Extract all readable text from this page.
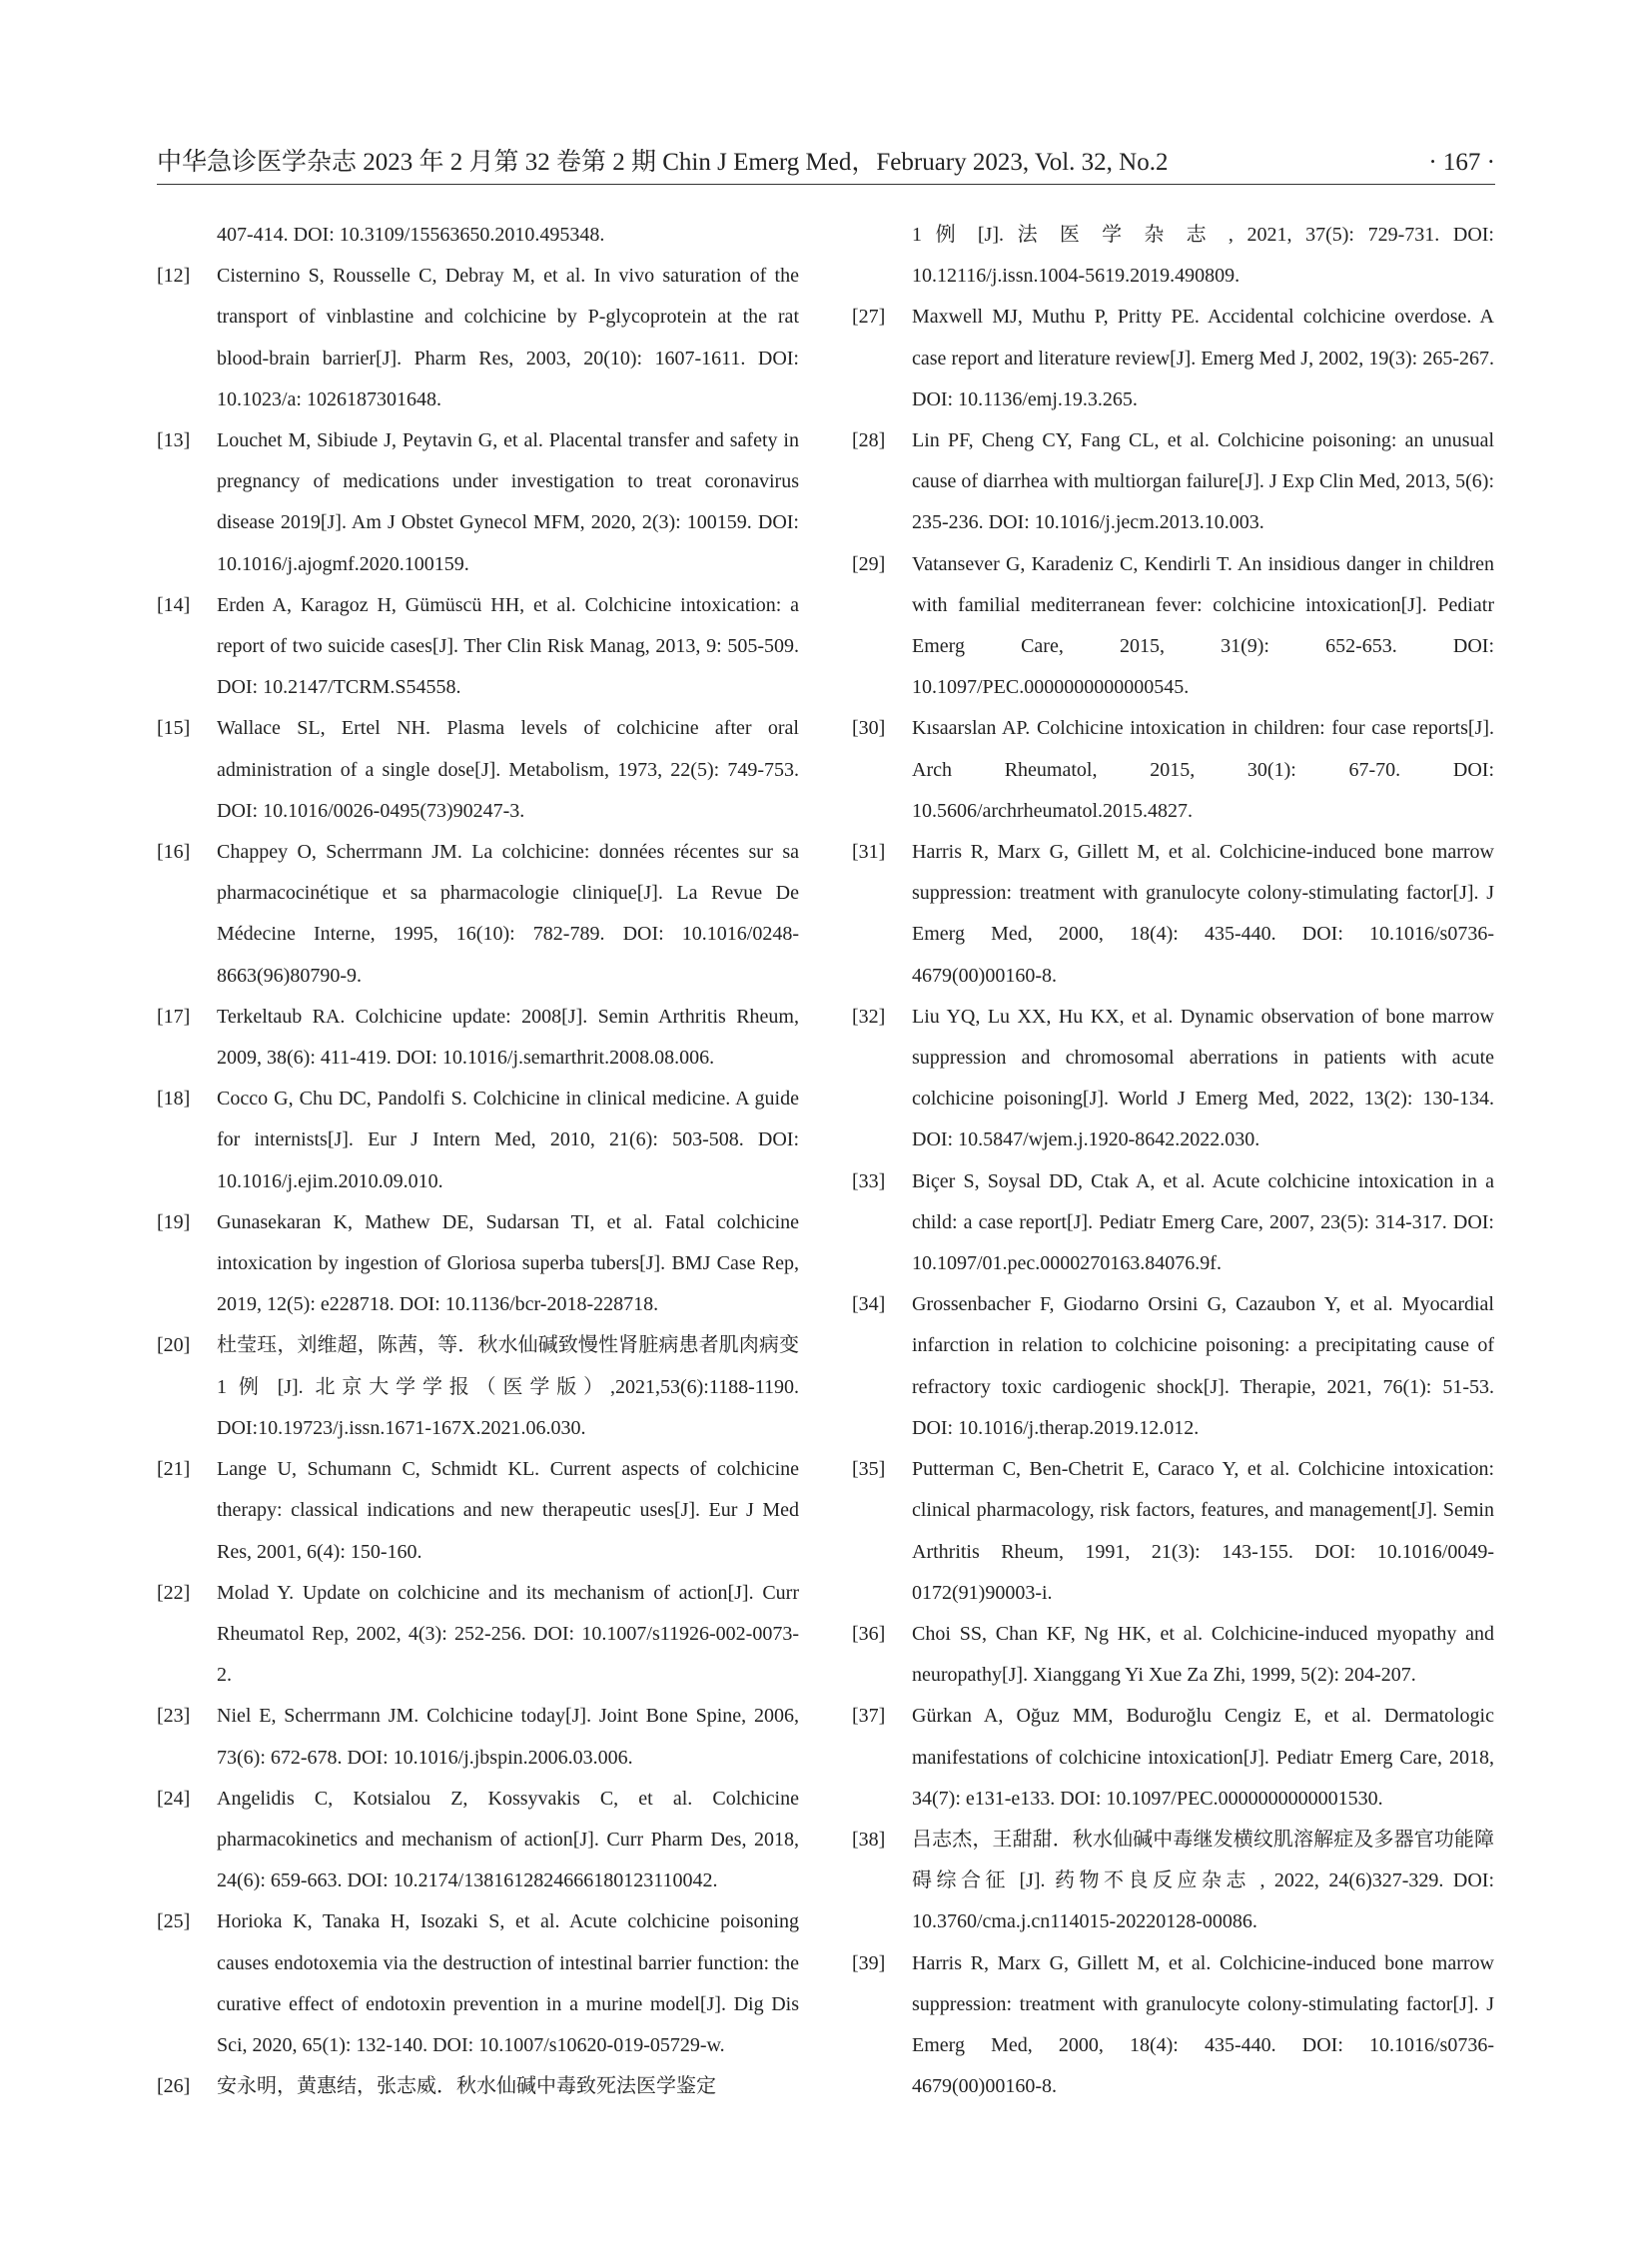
中华急诊医学杂志 2023 年 2 月第 32 卷第 2 期 Chin J Emerg Med，February 2023, Vol. 32, No.2	· 167 ·
407-414. DOI: 10.3109/15563650.2010.495348.
[12]	Cisternino S, Rousselle C, Debray M, et al. In vivo saturation of the transport of vinblastine and colchicine by P-glycoprotein at the rat blood-brain barrier[J]. Pharm Res, 2003, 20(10): 1607-1611. DOI: 10.1023/a: 1026187301648.
[13]	Louchet M, Sibiude J, Peytavin G, et al. Placental transfer and safety in pregnancy of medications under investigation to treat coronavirus disease 2019[J]. Am J Obstet Gynecol MFM, 2020, 2(3): 100159. DOI: 10.1016/j.ajogmf.2020.100159.
[14]	Erden A, Karagoz H, Gümüscü HH, et al. Colchicine intoxication: a report of two suicide cases[J]. Ther Clin Risk Manag, 2013, 9: 505-509. DOI: 10.2147/TCRM.S54558.
[15]	Wallace SL, Ertel NH. Plasma levels of colchicine after oral administration of a single dose[J]. Metabolism, 1973, 22(5): 749-753. DOI: 10.1016/0026-0495(73)90247-3.
[16]	Chappey O, Scherrmann JM. La colchicine: données récentes sur sa pharmacocinétique et sa pharmacologie clinique[J]. La Revue De Médecine Interne, 1995, 16(10): 782-789. DOI: 10.1016/0248-8663(96)80790-9.
[17]	Terkeltaub RA. Colchicine update: 2008[J]. Semin Arthritis Rheum, 2009, 38(6): 411-419. DOI: 10.1016/j.semarthrit.2008.08.006.
[18]	Cocco G, Chu DC, Pandolfi S. Colchicine in clinical medicine. A guide for internists[J]. Eur J Intern Med, 2010, 21(6): 503-508. DOI: 10.1016/j.ejim.2010.09.010.
[19]	Gunasekaran K, Mathew DE, Sudarsan TI, et al. Fatal colchicine intoxication by ingestion of Gloriosa superba tubers[J]. BMJ Case Rep, 2019, 12(5): e228718. DOI: 10.1136/bcr-2018-228718.
[20]	杜莹珏，刘维超，陈茜，等．秋水仙碱致慢性肾脏病患者肌肉病变 1 例 [J]. 北京大学学报（医学版）,2021,53(6):1188-1190. DOI:10.19723/j.issn.1671-167X.2021.06.030.
[21]	Lange U, Schumann C, Schmidt KL. Current aspects of colchicine therapy: classical indications and new therapeutic uses[J]. Eur J Med Res, 2001, 6(4): 150-160.
[22]	Molad Y. Update on colchicine and its mechanism of action[J]. Curr Rheumatol Rep, 2002, 4(3): 252-256. DOI: 10.1007/s11926-002-0073-2.
[23]	Niel E, Scherrmann JM. Colchicine today[J]. Joint Bone Spine, 2006, 73(6): 672-678. DOI: 10.1016/j.jbspin.2006.03.006.
[24]	Angelidis C, Kotsialou Z, Kossyvakis C, et al. Colchicine pharmacokinetics and mechanism of action[J]. Curr Pharm Des, 2018, 24(6): 659-663. DOI: 10.2174/1381612824666180123110042.
[25]	Horioka K, Tanaka H, Isozaki S, et al. Acute colchicine poisoning causes endotoxemia via the destruction of intestinal barrier function: the curative effect of endotoxin prevention in a murine model[J]. Dig Dis Sci, 2020, 65(1): 132-140. DOI: 10.1007/s10620-019-05729-w.
[26]	安永明，黄惠结，张志威．秋水仙碱中毒致死法医学鉴定
1 例 [J]. 法 医 学 杂 志 , 2021, 37(5): 729-731. DOI: 10.12116/j.issn.1004-5619.2019.490809.
[27]	Maxwell MJ, Muthu P, Pritty PE. Accidental colchicine overdose. A case report and literature review[J]. Emerg Med J, 2002, 19(3): 265-267. DOI: 10.1136/emj.19.3.265.
[28]	Lin PF, Cheng CY, Fang CL, et al. Colchicine poisoning: an unusual cause of diarrhea with multiorgan failure[J]. J Exp Clin Med, 2013, 5(6): 235-236. DOI: 10.1016/j.jecm.2013.10.003.
[29]	Vatansever G, Karadeniz C, Kendirli T. An insidious danger in children with familial mediterranean fever: colchicine intoxication[J]. Pediatr Emerg Care, 2015, 31(9): 652-653. DOI: 10.1097/PEC.0000000000000545.
[30]	Kısaarslan AP. Colchicine intoxication in children: four case reports[J]. Arch Rheumatol, 2015, 30(1): 67-70. DOI: 10.5606/archrheumatol.2015.4827.
[31]	Harris R, Marx G, Gillett M, et al. Colchicine-induced bone marrow suppression: treatment with granulocyte colony-stimulating factor[J]. J Emerg Med, 2000, 18(4): 435-440. DOI: 10.1016/s0736-4679(00)00160-8.
[32]	Liu YQ, Lu XX, Hu KX, et al. Dynamic observation of bone marrow suppression and chromosomal aberrations in patients with acute colchicine poisoning[J]. World J Emerg Med, 2022, 13(2): 130-134. DOI: 10.5847/wjem.j.1920-8642.2022.030.
[33]	Biçer S, Soysal DD, Ctak A, et al. Acute colchicine intoxication in a child: a case report[J]. Pediatr Emerg Care, 2007, 23(5): 314-317. DOI: 10.1097/01.pec.0000270163.84076.9f.
[34]	Grossenbacher F, Giodarno Orsini G, Cazaubon Y, et al. Myocardial infarction in relation to colchicine poisoning: a precipitating cause of refractory toxic cardiogenic shock[J]. Therapie, 2021, 76(1): 51-53. DOI: 10.1016/j.therap.2019.12.012.
[35]	Putterman C, Ben-Chetrit E, Caraco Y, et al. Colchicine intoxication: clinical pharmacology, risk factors, features, and management[J]. Semin Arthritis Rheum, 1991, 21(3): 143-155. DOI: 10.1016/0049-0172(91)90003-i.
[36]	Choi SS, Chan KF, Ng HK, et al. Colchicine-induced myopathy and neuropathy[J]. Xianggang Yi Xue Za Zhi, 1999, 5(2): 204-207.
[37]	Gürkan A, Oğuz MM, Boduroğlu Cengiz E, et al. Dermatologic manifestations of colchicine intoxication[J]. Pediatr Emerg Care, 2018, 34(7): e131-e133. DOI: 10.1097/PEC.0000000000001530.
[38]	吕志杰，王甜甜．秋水仙碱中毒继发横纹肌溶解症及多器官功能障碍综合征 [J]. 药物不良反应杂志 , 2022, 24(6)327-329. DOI: 10.3760/cma.j.cn114015-20220128-00086.
[39]	Harris R, Marx G, Gillett M, et al. Colchicine-induced bone marrow suppression: treatment with granulocyte colony-stimulating factor[J]. J Emerg Med, 2000, 18(4): 435-440. DOI: 10.1016/s0736-4679(00)00160-8.
